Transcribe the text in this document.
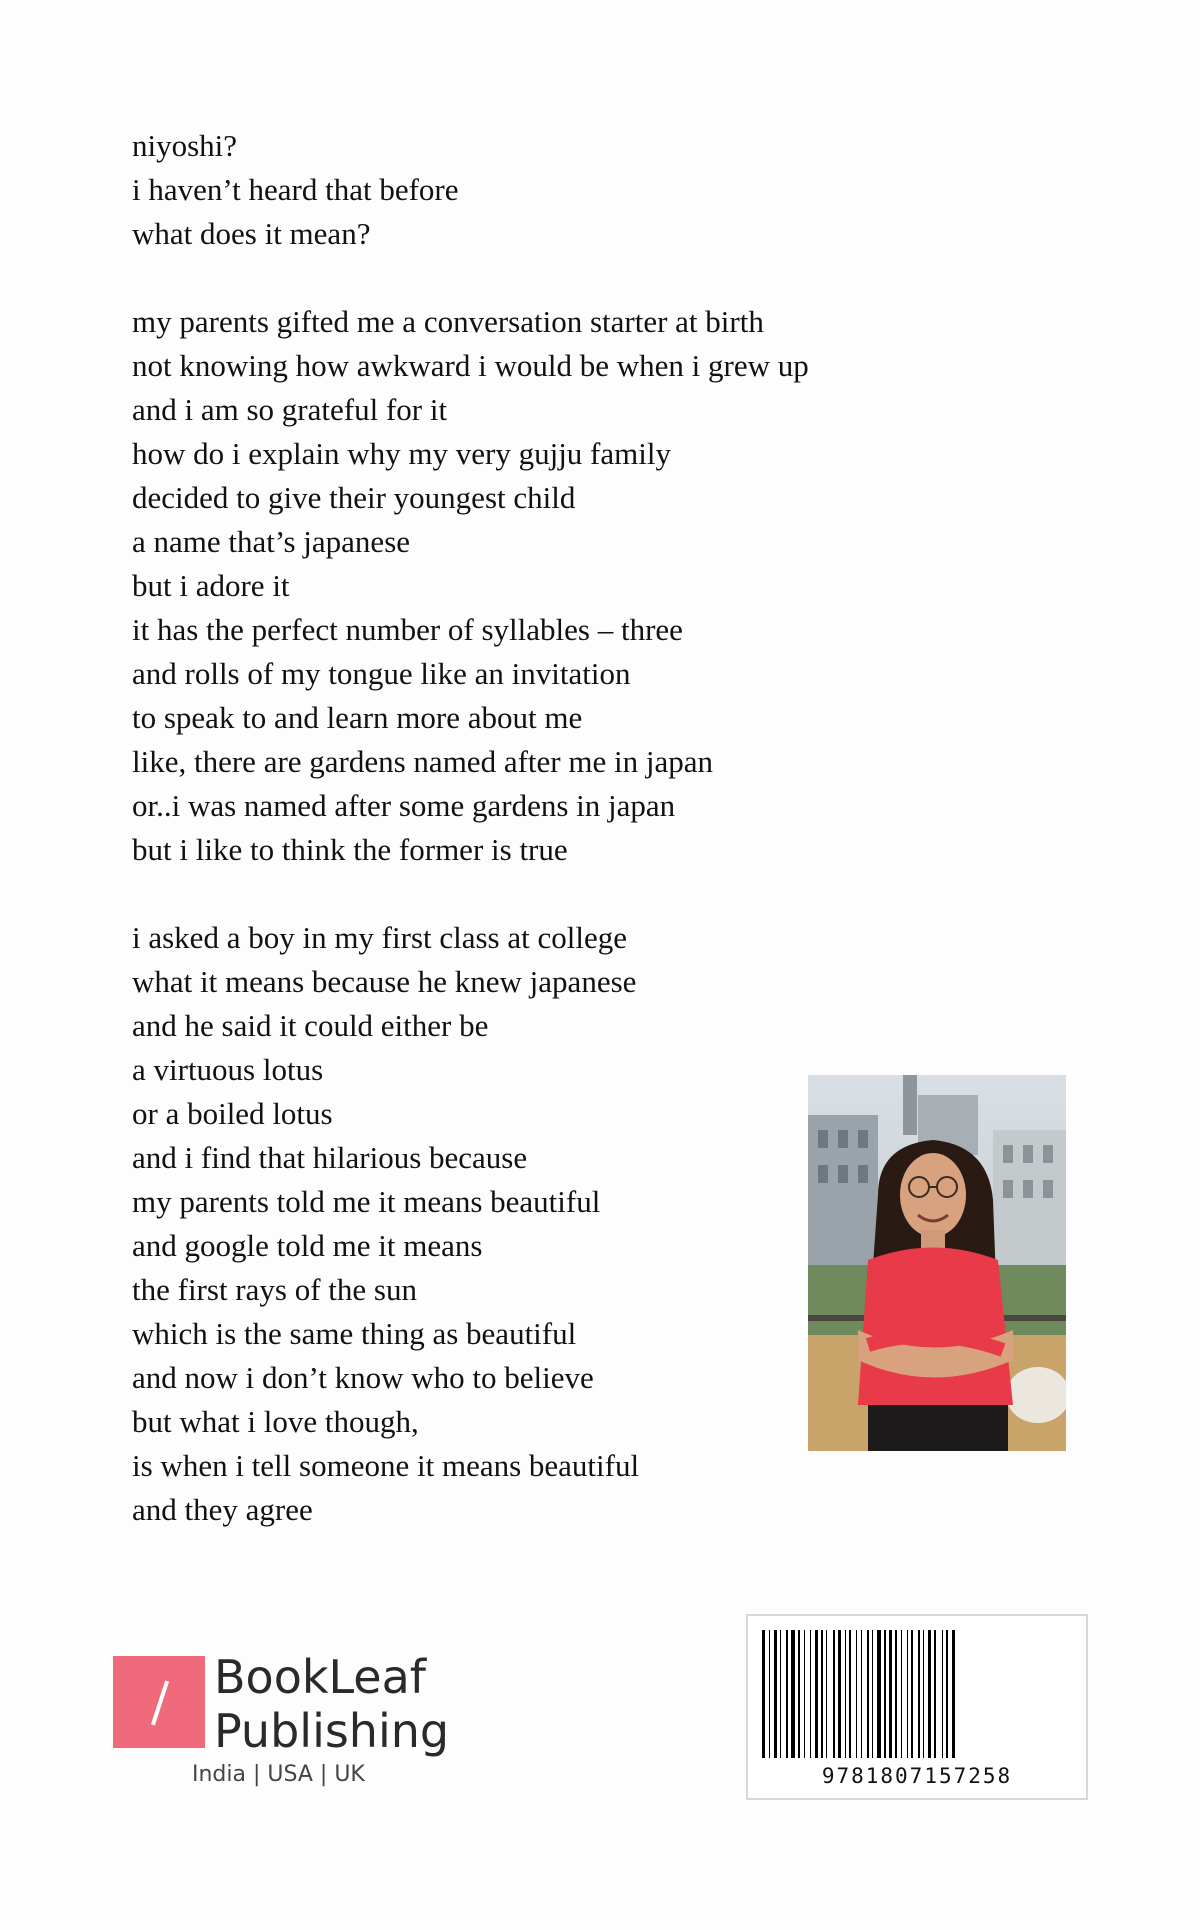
niyoshi?
i haven’t heard that before
what does it mean?
my parents gifted me a conversation starter at birth
not knowing how awkward i would be when i grew up
and i am so grateful for it
how do i explain why my very gujju family
decided to give their youngest child
a name that’s japanese
but i adore it
it has the perfect number of syllables – three
and rolls of my tongue like an invitation
to speak to and learn more about me
like, there are gardens named after me in japan
or..i was named after some gardens in japan
but i like to think the former is true
i asked a boy in my first class at college
what it means because he knew japanese
and he said it could either be
a virtuous lotus
or a boiled lotus
and i find that hilarious because
my parents told me it means beautiful
and google told me it means
the first rays of the sun
which is the same thing as beautiful
and now i don’t know who to believe
but what i love though,
is when i tell someone it means beautiful
and they agree
BookLeaf
Publishing
India | USA | UK	9781807157258
